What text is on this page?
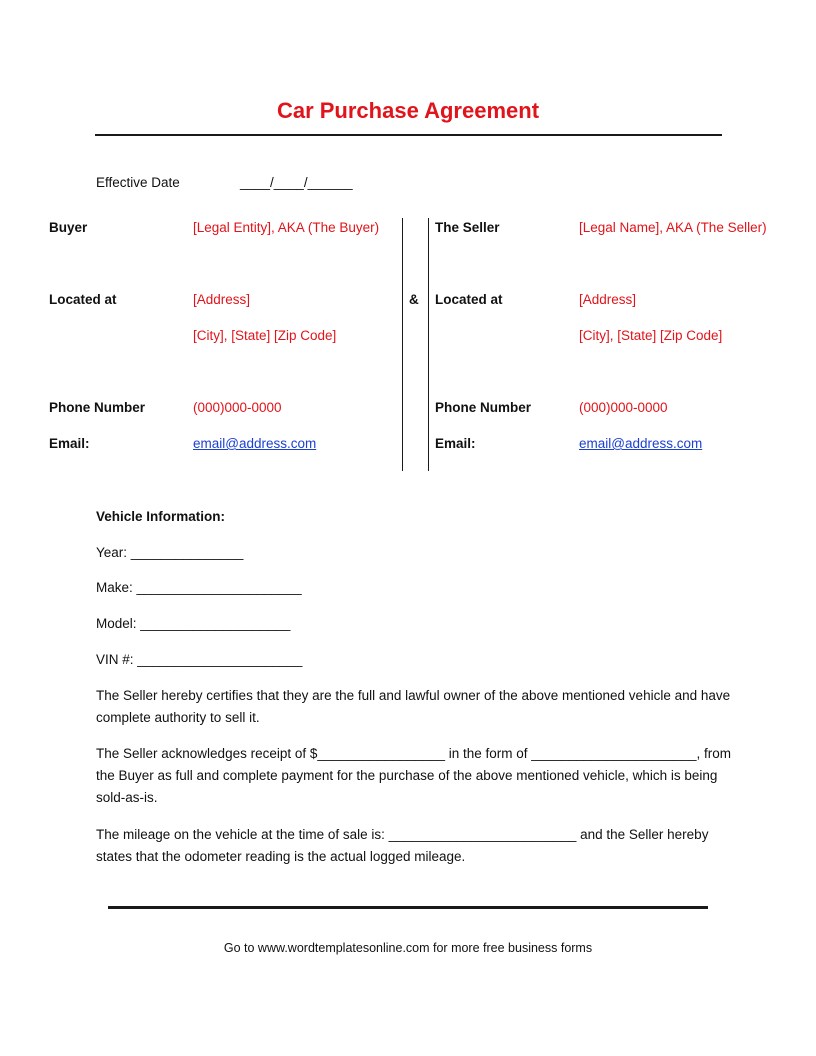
Car Purchase Agreement
Effective Date	____/____/______
Buyer	[Legal Entity], AKA (The Buyer)
Located at	[Address]
[City], [State] [Zip Code]
Phone Number	(000)000-0000
Email:	email@address.com
&
The Seller	[Legal Name], AKA (The Seller)
Located at	[Address]
[City], [State] [Zip Code]
Phone Number	(000)000-0000
Email:	email@address.com
Vehicle Information:
Year: _______________
Make: ______________________
Model: ____________________
VIN #: ______________________
The Seller hereby certifies that they are the full and lawful owner of the above mentioned vehicle and have complete authority to sell it.
The Seller acknowledges receipt of $_________________ in the form of ______________________, from the Buyer as full and complete payment for the purchase of the above mentioned vehicle, which is being sold-as-is.
The mileage on the vehicle at the time of sale is: _________________________ and the Seller hereby states that the odometer reading is the actual logged mileage.
Go to www.wordtemplatesonline.com for more free business forms
